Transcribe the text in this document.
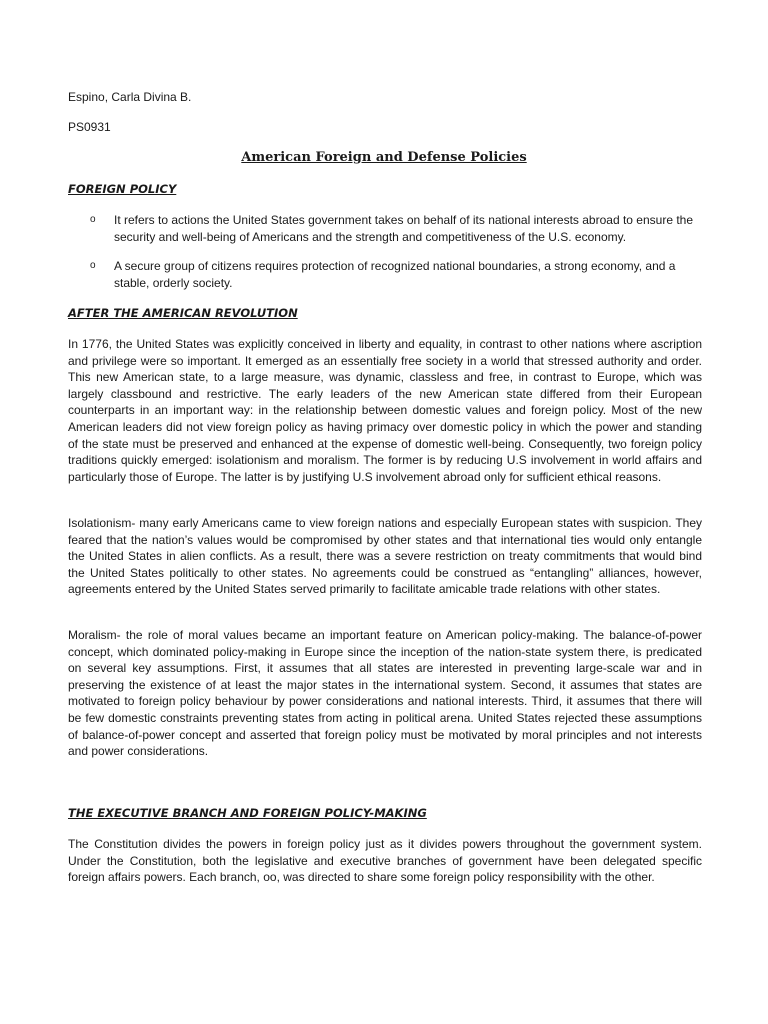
Espino, Carla Divina B.

PS0931

American Foreign and Defense Policies
FOREIGN POLICY
o It refers to actions the United States government takes on behalf of its national interests abroad to ensure the security and well-being of Americans and the strength and competitiveness of the U.S. economy.
o A secure group of citizens requires protection of recognized national boundaries, a strong economy, and a stable, orderly society.
AFTER THE AMERICAN REVOLUTION

In 1776, the United States was explicitly conceived in liberty and equality, in contrast to other nations where ascription and privilege were so important. It emerged as an essentially free society in a world that stressed authority and order. This new American state, to a large measure, was dynamic, classless and free, in contrast to Europe, which was largely classbound and restrictive. The early leaders of the new American state differed from their European counterparts in an important way: in the relationship between domestic values and foreign policy. Most of the new American leaders did not view foreign policy as having primacy over domestic policy in which the power and standing of the state must be preserved and enhanced at the expense of domestic well-being. Consequently, two foreign policy traditions quickly emerged: isolationism and moralism. The former is by reducing U.S involvement in world affairs and particularly those of Europe. The latter is by justifying U.S involvement abroad only for sufficient ethical reasons.

Isolationism- many early Americans came to view foreign nations and especially European states with suspicion. They feared that the nation’s values would be compromised by other states and that international ties would only entangle the United States in alien conflicts. As a result, there was a severe restriction on treaty commitments that would bind the United States politically to other states. No agreements could be construed as “entangling” alliances, however, agreements entered by the United States served primarily to facilitate amicable trade relations with other states.

Moralism- the role of moral values became an important feature on American policy-making. The balance-of-power concept, which dominated policy-making in Europe since the inception of the nation-state system there, is predicated on several key assumptions. First, it assumes that all states are interested in preventing large-scale war and in preserving the existence of at least the major states in the international system. Second, it assumes that states are motivated to foreign policy behaviour by power considerations and national interests. Third, it assumes that there will be few domestic constraints preventing states from acting in political arena. United States rejected these assumptions of balance-of-power concept and asserted that foreign policy must be motivated by moral principles and not interests and power considerations.

THE EXECUTIVE BRANCH AND FOREIGN POLICY-MAKING

The Constitution divides the powers in foreign policy just as it divides powers throughout the government system. Under the Constitution, both the legislative and executive branches of government have been delegated specific foreign affairs powers. Each branch, oo, was directed to share some foreign policy responsibility with the other.
